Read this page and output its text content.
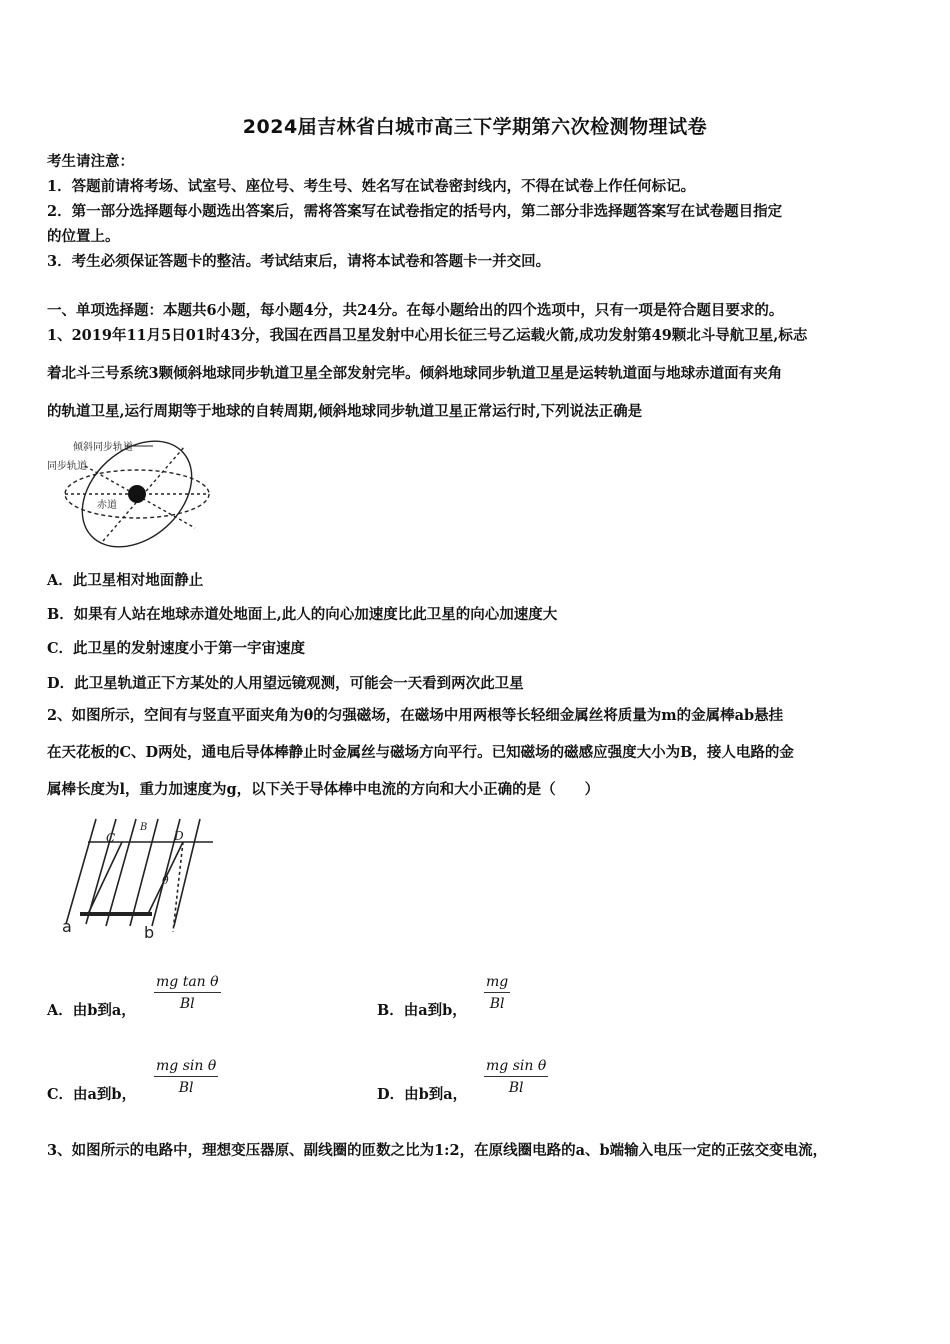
2024届吉林省白城市高三下学期第六次检测物理试卷
考生请注意：
1．答题前请将考场、试室号、座位号、考生号、姓名写在试卷密封线内，不得在试卷上作任何标记。
2．第一部分选择题每小题选出答案后，需将答案写在试卷指定的括号内，第二部分非选择题答案写在试卷题目指定
的位置上。
3．考生必须保证答题卡的整洁。考试结束后，请将本试卷和答题卡一并交回。
一、单项选择题：本题共6小题，每小题4分，共24分。在每小题给出的四个选项中，只有一项是符合题目要求的。
1、2019年11月5日01时43分，我国在西昌卫星发射中心用长征三号乙运载火箭,成功发射第49颗北斗导航卫星,标志
着北斗三号系统3颗倾斜地球同步轨道卫星全部发射完毕。倾斜地球同步轨道卫星是运转轨道面与地球赤道面有夹角
的轨道卫星,运行周期等于地球的自转周期,倾斜地球同步轨道卫星正常运行时,下列说法正确是
倾斜同步轨道
同步轨道
赤道
A．此卫星相对地面静止
B．如果有人站在地球赤道处地面上,此人的向心加速度比此卫星的向心加速度大
C．此卫星的发射速度小于第一宇宙速度
D．此卫星轨道正下方某处的人用望远镜观测，可能会一天看到两次此卫星
2、如图所示，空间有与竖直平面夹角为θ的匀强磁场，在磁场中用两根等长轻细金属丝将质量为m的金属棒ab悬挂
在天花板的C、D两处，通电后导体棒静止时金属丝与磁场方向平行。已知磁场的磁感应强度大小为B，接人电路的金
属棒长度为l，重力加速度为g，以下关于导体棒中电流的方向和大小正确的是（　　）
C
B
D
θ
a	b
A．由b到a， $\frac{\text{mg tan θ}}{Bl}$	B．由a到b， $\frac{mg}{Bl}$
C．由a到b， $\frac{\text{mg sin θ}}{Bl}$	D．由b到a， $\frac{\text{mg sin θ}}{Bl}$
3、如图所示的电路中，理想变压器原、副线圈的匝数之比为1:2，在原线圈电路的a、b端输入电压一定的正弦交变电流，
